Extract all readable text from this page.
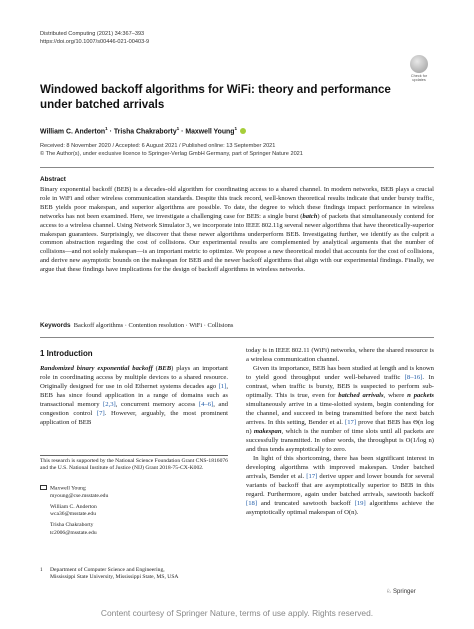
Distributed Computing (2021) 34:367–393
https://doi.org/10.1007/s00446-021-00403-9
Check for updates
Windowed backoff algorithms for WiFi: theory and performance under batched arrivals
William C. Anderton$^1$ · Trisha Chakraborty$^1$ · Maxwell Young$^1$
Received: 8 November 2020 / Accepted: 6 August 2021 / Published online: 13 September 2021
© The Author(s), under exclusive licence to Springer-Verlag GmbH Germany, part of Springer Nature 2021
Abstract
Binary exponential backoff (BEB) is a decades-old algorithm for coordinating access to a shared channel. In modern networks, BEB plays a crucial role in WiFi and other wireless communication standards. Despite this track record, well-known theoretical results indicate that under bursty traffic, BEB yields poor makespan, and superior algorithms are possible. To date, the degree to which these findings impact performance in wireless networks has not been examined. Here, we investigate a challenging case for BEB: a single burst (batch) of packets that simultaneously contend for access to a wireless channel. Using Network Simulator 3, we incorporate into IEEE 802.11g several newer algorithms that have theoretically-superior makespan guarantees. Surprisingly, we discover that these newer algorithms underperform BEB. Investigating further, we identify as the culprit a common abstraction regarding the cost of collisions. Our experimental results are complemented by analytical arguments that the number of collisions—and not solely makespan—is an important metric to optimize. We propose a new theoretical model that accounts for the cost of collisions, and derive new asymptotic bounds on the makespan for BEB and the newer backoff algorithms that align with our experimental findings. Finally, we argue that these findings have implications for the design of backoff algorithms in wireless networks.
Keywords Backoff algorithms · Contention resolution · WiFi · Collisions
1 Introduction

Randomized binary exponential backoff (BEB) plays an important role in coordinating access by multiple devices to a shared resource. Originally designed for use in old Ethernet systems decades ago [1], BEB has since found application in a range of domains such as transactional memory [2,3], concurrent memory access [4–6], and congestion control [7]. However, arguably, the most prominent application of BEB

This research is supported by the National Science Foundation Grant CNS-1816076 and the U.S. National Institute of Justice (NIJ) Grant 2018-75-CX-K002.
Maxwell Young
myoung@cse.msstate.edu
William C. Anderton
wca36@msstate.edu
Trisha Chakraborty
tc2006@msstate.edu
1 Department of Computer Science and Engineering,
Mississippi State University, Mississippi State, MS, USA

today is in IEEE 802.11 (WiFi) networks, where the shared resource is a wireless communication channel.

Given its importance, BEB has been studied at length and is known to yield good throughput under well-behaved traffic [8–16]. In contrast, when traffic is bursty, BEB is suspected to perform sub-optimally. This is true, even for batched arrivals, where n packets simultaneously arrive in a time-slotted system, begin contending for the channel, and succeed in being transmitted before the next batch arrives. In this setting, Bender et al. [17] prove that BEB has Θ(n log n) makespan, which is the number of time slots until all packets are successfully transmitted. In other words, the throughput is O(1/log n) and thus tends asymptotically to zero.

In light of this shortcoming, there has been significant interest in developing algorithms with improved makespan. Under batched arrivals, Bender et al. [17] derive upper and lower bounds for several variants of backoff that are asymptotically superior to BEB in this regard. Furthermore, again under batched arrivals, sawtooth backoff [18] and truncated sawtooth backoff [19] algorithms achieve the asymptotically optimal makespan of O(n).

♘ Springer
Content courtesy of Springer Nature, terms of use apply. Rights reserved.
